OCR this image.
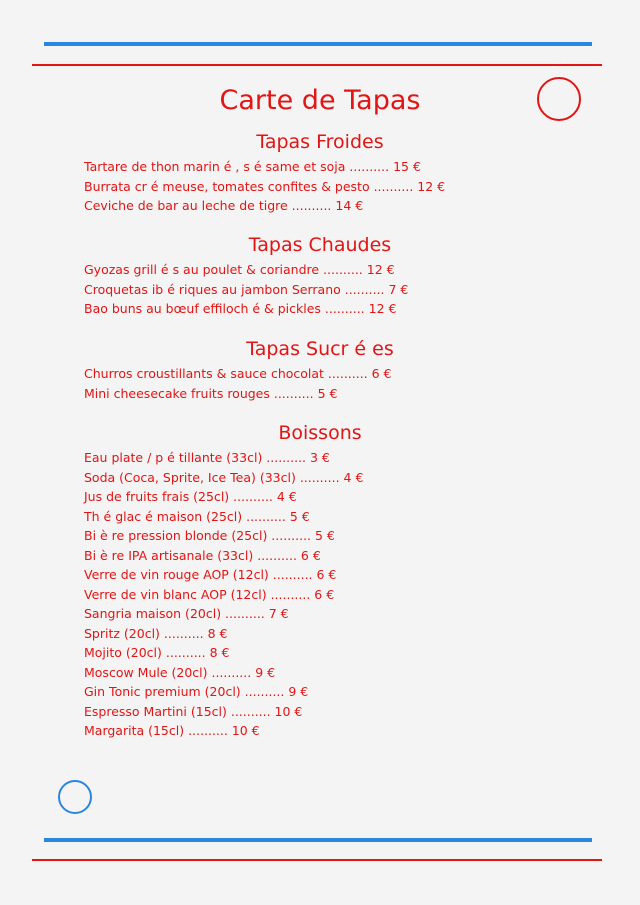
Carte de Tapas
Tapas Froides
Tartare de thon marin é , s é same et soja .......... 15 €
Burrata cr é meuse, tomates confites & pesto .......... 12 €
Ceviche de bar au leche de tigre .......... 14 €
Tapas Chaudes
Gyozas grill é s au poulet & coriandre .......... 12 €
Croquetas ib é riques au jambon Serrano .......... 7 €
Bao buns au bœuf effiloch é & pickles .......... 12 €
Tapas Sucr é es
Churros croustillants & sauce chocolat .......... 6 €
Mini cheesecake fruits rouges .......... 5 €
Boissons
Eau plate / p é tillante (33cl) .......... 3 €
Soda (Coca, Sprite, Ice Tea) (33cl) .......... 4 €
Jus de fruits frais (25cl) .......... 4 €
Th é glac é maison (25cl) .......... 5 €
Bi è re pression blonde (25cl) .......... 5 €
Bi è re IPA artisanale (33cl) .......... 6 €
Verre de vin rouge AOP (12cl) .......... 6 €
Verre de vin blanc AOP (12cl) .......... 6 €
Sangria maison (20cl) .......... 7 €
Spritz (20cl) .......... 8 €
Mojito (20cl) .......... 8 €
Moscow Mule (20cl) .......... 9 €
Gin Tonic premium (20cl) .......... 9 €
Espresso Martini (15cl) .......... 10 €
Margarita (15cl) .......... 10 €
